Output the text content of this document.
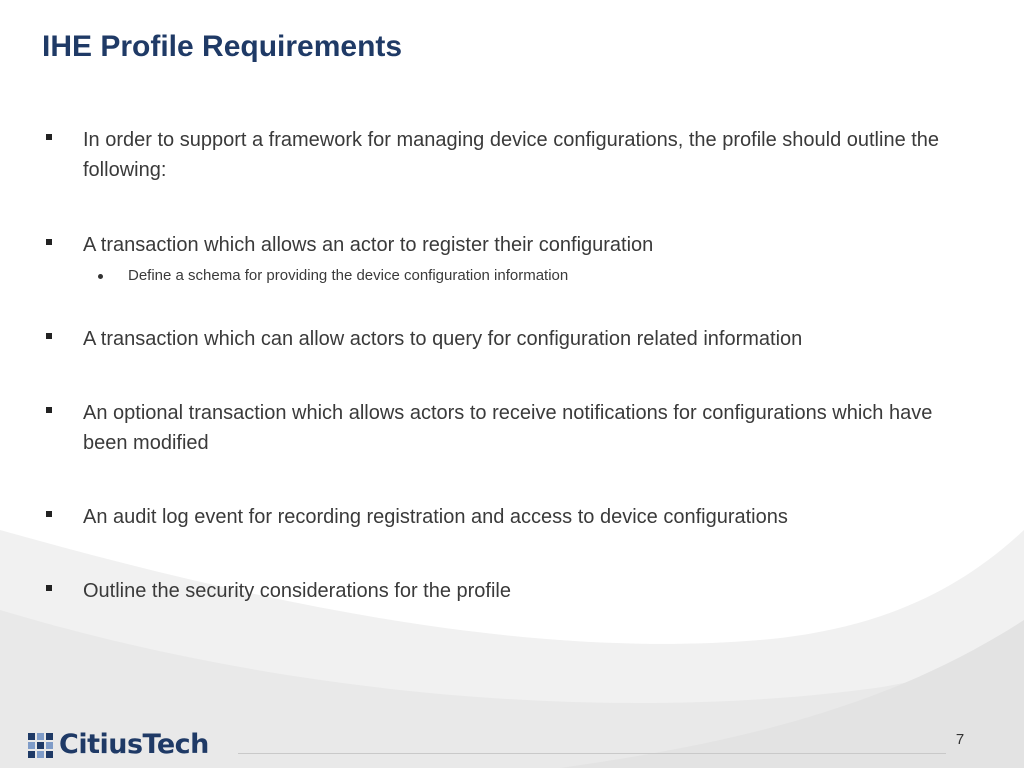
IHE Profile Requirements
In order to support a framework for managing device configurations, the profile should outline the following:
A transaction which allows an actor to register their configuration
Define a schema for providing the device configuration information
A transaction which can allow actors to query for configuration related information
An optional transaction which allows actors to receive notifications for configurations which have been modified
An audit log event for recording registration and access to device configurations
Outline the security considerations for the profile
CitiusTech	7
